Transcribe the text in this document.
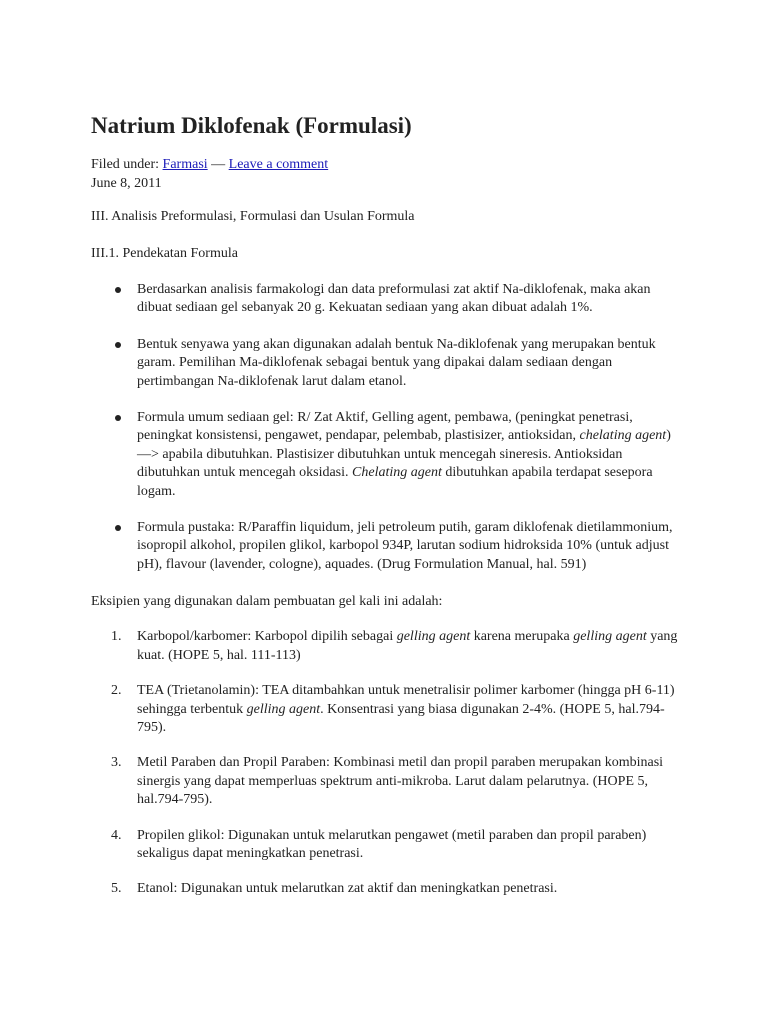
Natrium Diklofenak (Formulasi)
Filed under: Farmasi — Leave a comment
June 8, 2011

III. Analisis Preformulasi, Formulasi dan Usulan Formula

III.1. Pendekatan Formula

Berdasarkan analisis farmakologi dan data preformulasi zat aktif Na-diklofenak, maka akan dibuat sediaan gel sebanyak 20 g. Kekuatan sediaan yang akan dibuat adalah 1%.
Bentuk senyawa yang akan digunakan adalah bentuk Na-diklofenak yang merupakan bentuk garam. Pemilihan Ma-diklofenak sebagai bentuk yang dipakai dalam sediaan dengan pertimbangan Na-diklofenak larut dalam etanol.
Formula umum sediaan gel: R/ Zat Aktif, Gelling agent, pembawa, (peningkat penetrasi, peningkat konsistensi, pengawet, pendapar, pelembab, plastisizer, antioksidan, chelating agent) —> apabila dibutuhkan. Plastisizer dibutuhkan untuk mencegah sineresis. Antioksidan dibutuhkan untuk mencegah oksidasi. Chelating agent dibutuhkan apabila terdapat sesepora logam.
Formula pustaka: R/Paraffin liquidum, jeli petroleum putih, garam diklofenak dietilammonium, isopropil alkohol, propilen glikol, karbopol 934P, larutan sodium hidroksida 10% (untuk adjust pH), flavour (lavender, cologne), aquades. (Drug Formulation Manual, hal. 591)

Eksipien yang digunakan dalam pembuatan gel kali ini adalah:

1. Karbopol/karbomer: Karbopol dipilih sebagai gelling agent karena merupaka gelling agent yang kuat. (HOPE 5, hal. 111-113)
2. TEA (Trietanolamin): TEA ditambahkan untuk menetralisir polimer karbomer (hingga pH 6-11) sehingga terbentuk gelling agent. Konsentrasi yang biasa digunakan 2-4%. (HOPE 5, hal.794-795).
3. Metil Paraben dan Propil Paraben: Kombinasi metil dan propil paraben merupakan kombinasi sinergis yang dapat memperluas spektrum anti-mikroba. Larut dalam pelarutnya. (HOPE 5, hal.794-795).
4. Propilen glikol: Digunakan untuk melarutkan pengawet (metil paraben dan propil paraben) sekaligus dapat meningkatkan penetrasi.
5. Etanol: Digunakan untuk melarutkan zat aktif dan meningkatkan penetrasi.
